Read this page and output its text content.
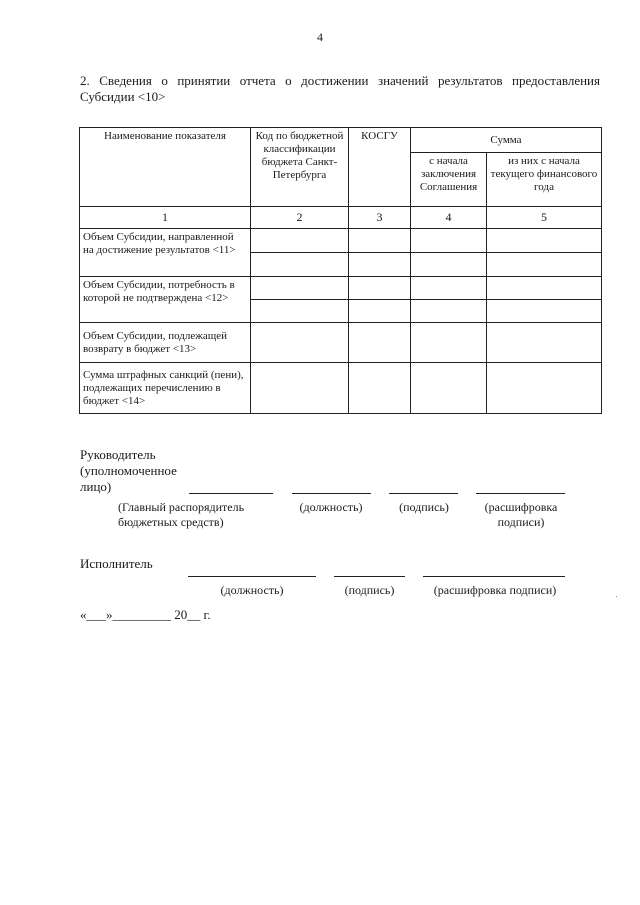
4
2. Сведения о принятии отчета о достижении значений результатов предоставления Субсидии <10>
Наименование показателя	Код по бюджетной классификации бюджета Санкт-Петербурга	КОСГУ	Сумма	
			с начала заключения Соглашения	из них с начала текущего финансового года
1	2	3	4	5
Объем Субсидии, направленной на достижение результатов <11>				

Объем Субсидии, потребность в которой не подтверждена <12>				

Объем Субсидии, подлежащей возврату в бюджет <13>				
Сумма штрафных санкций (пени), подлежащих перечислению в бюджет <14>				
Руководитель (уполномоченное лицо)
(Главный распорядитель бюджетных средств)
(должность)	(подпись)	(расшифровка подписи)
Исполнитель
(должность)	(подпись)	(расшифровка подписи)
«___»_________ 20__ г.
